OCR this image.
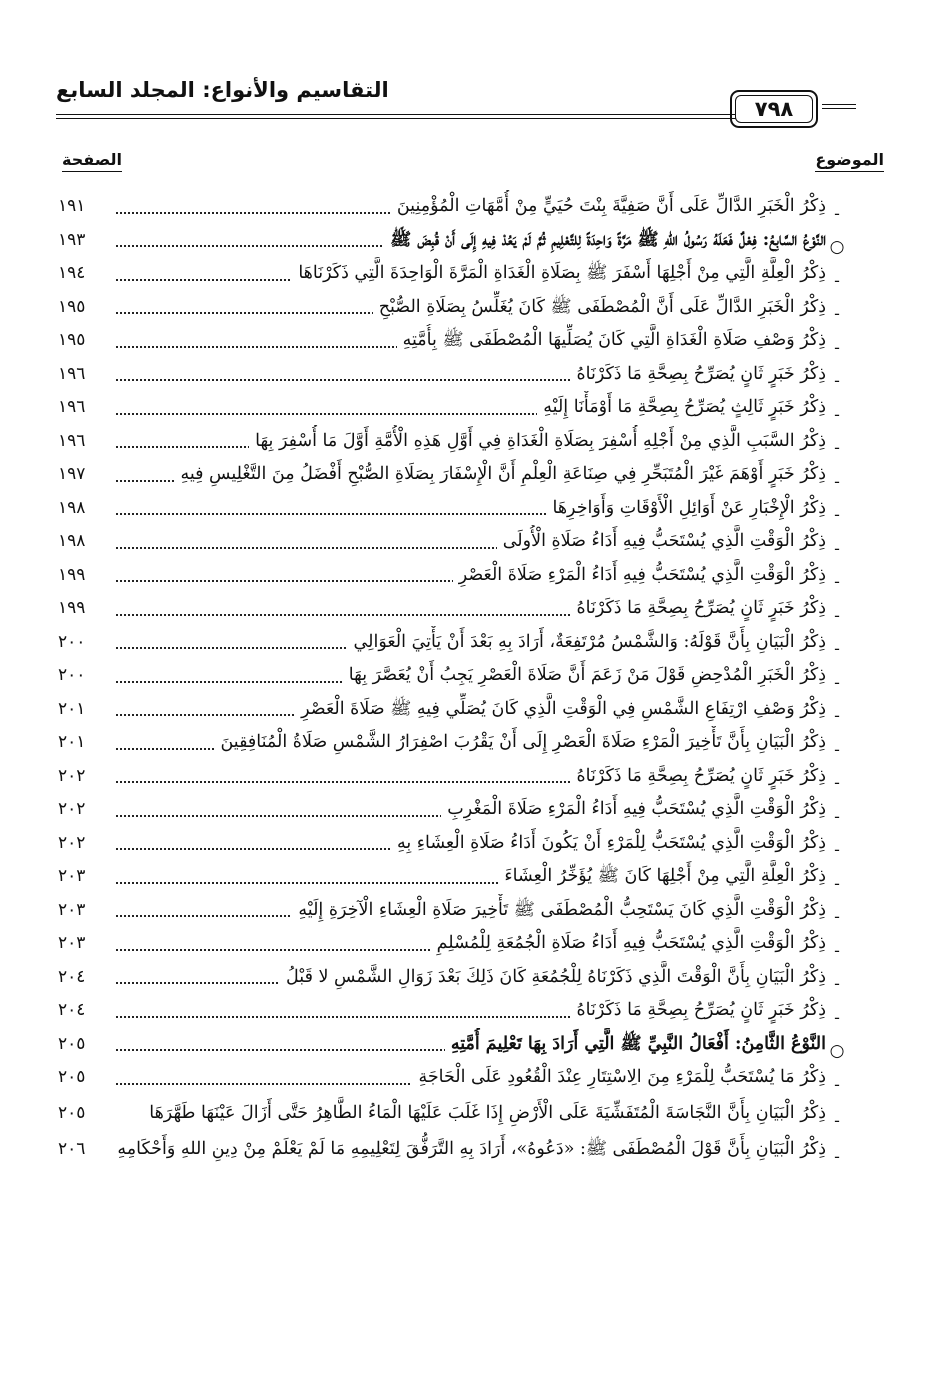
التقاسيم والأنواع: المجلد السابع
٧٩٨
الموضوع
الصفحة
-
ذِكْرُ الْخَبَرِ الدَّالِّ عَلَى أَنَّ صَفِيَّةَ بِنْتَ حُيَيٍّ مِنْ أُمَّهَاتِ الْمُؤْمِنِينَ
١٩١
○
النَّوْعُ السَّابِعُ: فِعْلٌ فَعَلَهُ رَسُولُ اللهِ ﷺ مَرَّةً وَاحِدَةً لِلتَّعْلِيمِ ثُمَّ لَمْ يَعُدْ فِيهِ إِلَى أَنْ قُبِضَ ﷺ
١٩٣
-
ذِكْرُ الْعِلَّةِ الَّتِي مِنْ أَجْلِهَا أَسْفَرَ ﷺ بِصَلَاةِ الْغَدَاةِ الْمَرَّةَ الْوَاحِدَةَ الَّتِي ذَكَرْنَاهَا
١٩٤
-
ذِكْرُ الْخَبَرِ الدَّالِّ عَلَى أَنَّ الْمُصْطَفَى ﷺ كَانَ يُغَلِّسُ بِصَلَاةِ الصُّبْحِ
١٩٥
-
ذِكْرُ وَصْفِ صَلَاةِ الْغَدَاةِ الَّتِي كَانَ يُصَلِّيهَا الْمُصْطَفَى ﷺ بِأُمَّتِهِ
١٩٥
-
ذِكْرُ خَبَرٍ ثَانٍ يُصَرِّحُ بِصِحَّةِ مَا ذَكَرْنَاهُ
١٩٦
-
ذِكْرُ خَبَرٍ ثَالِثٍ يُصَرِّحُ بِصِحَّةِ مَا أَوْمَأْنَا إِلَيْهِ
١٩٦
-
ذِكْرُ السَّبَبِ الَّذِي مِنْ أَجْلِهِ أُسْفِرَ بِصَلَاةِ الْغَدَاةِ فِي أَوَّلِ هَذِهِ الْأُمَّةِ أَوَّلَ مَا أُسْفِرَ بِهَا
١٩٦
-
ذِكْرُ خَبَرٍ أَوْهَمَ غَيْرَ الْمُتَبَحِّرِ فِي صِنَاعَةِ الْعِلْمِ أَنَّ الْإِسْفَارَ بِصَلَاةِ الصُّبْحِ أَفْضَلُ مِنَ التَّغْلِيسِ فِيهِ
١٩٧
-
ذِكْرُ الْإِخْبَارِ عَنْ أَوَائِلِ الْأَوْقَاتِ وَأَوَاخِرِهَا
١٩٨
-
ذِكْرُ الْوَقْتِ الَّذِي يُسْتَحَبُّ فِيهِ أَدَاءُ صَلَاةِ الْأُولَى
١٩٨
-
ذِكْرُ الْوَقْتِ الَّذِي يُسْتَحَبُّ فِيهِ أَدَاءُ الْمَرْءِ صَلَاةَ الْعَصْرِ
١٩٩
-
ذِكْرُ خَبَرٍ ثَانٍ يُصَرِّحُ بِصِحَّةِ مَا ذَكَرْنَاهُ
١٩٩
-
ذِكْرُ الْبَيَانِ بِأَنَّ قَوْلَهُ: وَالشَّمْسُ مُرْتَفِعَةٌ، أَرَادَ بِهِ بَعْدَ أَنْ يَأْتِيَ الْعَوَالِي
٢٠٠
-
ذِكْرُ الْخَبَرِ الْمُدْحِضِ قَوْلَ مَنْ زَعَمَ أَنَّ صَلَاةَ الْعَصْرِ يَجِبُ أَنْ يُعَصَّرَ بِهَا
٢٠٠
-
ذِكْرُ وَصْفِ ارْتِفَاعِ الشَّمْسِ فِي الْوَقْتِ الَّذِي كَانَ يُصَلِّي فِيهِ ﷺ صَلَاةَ الْعَصْرِ
٢٠١
-
ذِكْرُ الْبَيَانِ بِأَنَّ تَأْخِيرَ الْمَرْءِ صَلَاةَ الْعَصْرِ إِلَى أَنْ يَقْرُبَ اصْفِرَارُ الشَّمْسِ صَلَاةُ الْمُنَافِقِينَ
٢٠١
-
ذِكْرُ خَبَرٍ ثَانٍ يُصَرِّحُ بِصِحَّةِ مَا ذَكَرْنَاهُ
٢٠٢
-
ذِكْرُ الْوَقْتِ الَّذِي يُسْتَحَبُّ فِيهِ أَدَاءُ الْمَرْءِ صَلَاةَ الْمَغْرِبِ
٢٠٢
-
ذِكْرُ الْوَقْتِ الَّذِي يُسْتَحَبُّ لِلْمَرْءِ أَنْ يَكُونَ أَدَاءُ صَلَاةِ الْعِشَاءِ بِهِ
٢٠٢
-
ذِكْرُ الْعِلَّةِ الَّتِي مِنْ أَجْلِهَا كَانَ ﷺ يُؤَخِّرُ الْعِشَاءَ
٢٠٣
-
ذِكْرُ الْوَقْتِ الَّذِي كَانَ يَسْتَحِبُّ الْمُصْطَفَى ﷺ تَأْخِيرَ صَلَاةِ الْعِشَاءِ الْآخِرَةِ إِلَيْهِ
٢٠٣
-
ذِكْرُ الْوَقْتِ الَّذِي يُسْتَحَبُّ فِيهِ أَدَاءُ صَلَاةِ الْجُمُعَةِ لِلْمُسْلِمِ
٢٠٣
-
ذِكْرُ الْبَيَانِ بِأَنَّ الْوَقْتَ الَّذِي ذَكَرْنَاهُ لِلْجُمُعَةِ كَانَ ذَلِكَ بَعْدَ زَوَالِ الشَّمْسِ لا قَبْلُ
٢٠٤
-
ذِكْرُ خَبَرٍ ثَانٍ يُصَرِّحُ بِصِحَّةِ مَا ذَكَرْنَاهُ
٢٠٤
○
النَّوْعُ الثَّامِنُ: أَفْعَالُ النَّبِيِّ ﷺ الَّتِي أَرَادَ بِهَا تَعْلِيمَ أُمَّتِهِ
٢٠٥
-
ذِكْرُ مَا يُسْتَحَبُّ لِلْمَرْءِ مِنَ الِاسْتِتَارِ عِنْدَ الْقُعُودِ عَلَى الْحَاجَةِ
٢٠٥
-
ذِكْرُ الْبَيَانِ بِأَنَّ النَّجَاسَةَ الْمُتَفَشِّيَةَ عَلَى الْأَرْضِ إِذَا غَلَبَ عَلَيْهَا الْمَاءُ الطَّاهِرُ حَتَّى أَزَالَ عَيْنَهَا طَهَّرَهَا
٢٠٥
-
ذِكْرُ الْبَيَانِ بِأَنَّ قَوْلَ الْمُصْطَفَى ﷺ: «دَعُوهُ»، أَرَادَ بِهِ التَّرَفُّقَ لِتَعْلِيمِهِ مَا لَمْ يَعْلَمْ مِنْ دِينِ اللهِ وَأَحْكَامِهِ
٢٠٦
